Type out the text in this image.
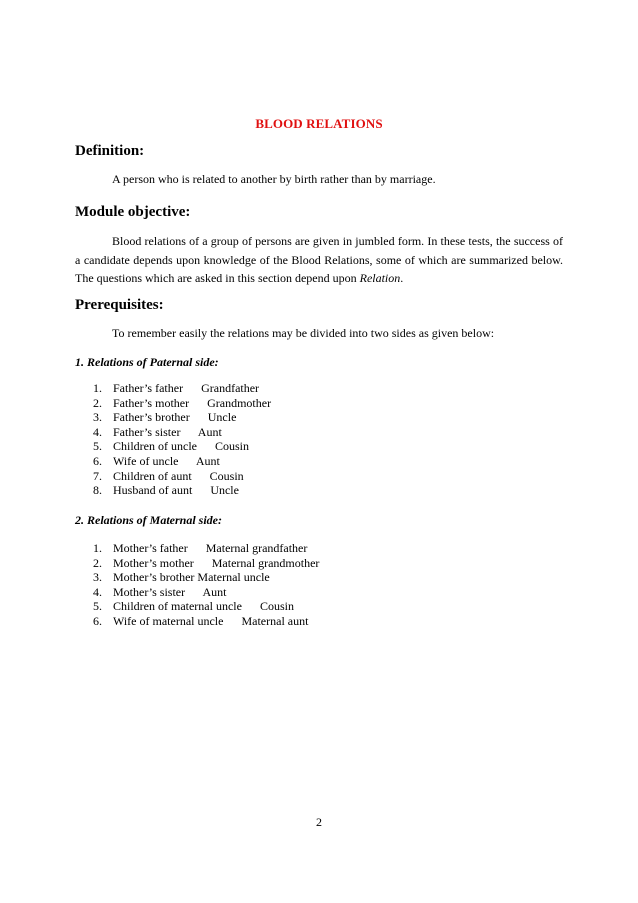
BLOOD RELATIONS
Definition:
A person who is related to another by birth rather than by marriage.
Module objective:
Blood relations of a group of persons are given in jumbled form. In these tests, the success of a candidate depends upon knowledge of the Blood Relations, some of which are summarized below. The questions which are asked in this section depend upon Relation.
Prerequisites:
To remember easily the relations may be divided into two sides as given below:
1. Relations of Paternal side:
1. Father’s father      Grandfather
2. Father’s mother      Grandmother
3. Father’s brother      Uncle
4. Father’s sister      Aunt
5. Children of uncle      Cousin
6. Wife of uncle      Aunt
7. Children of aunt      Cousin
8. Husband of aunt      Uncle
2. Relations of Maternal side:
1. Mother’s father      Maternal grandfather
2. Mother’s mother      Maternal grandmother
3. Mother’s brother Maternal uncle
4. Mother’s sister      Aunt
5. Children of maternal uncle      Cousin
6. Wife of maternal uncle      Maternal aunt
2
